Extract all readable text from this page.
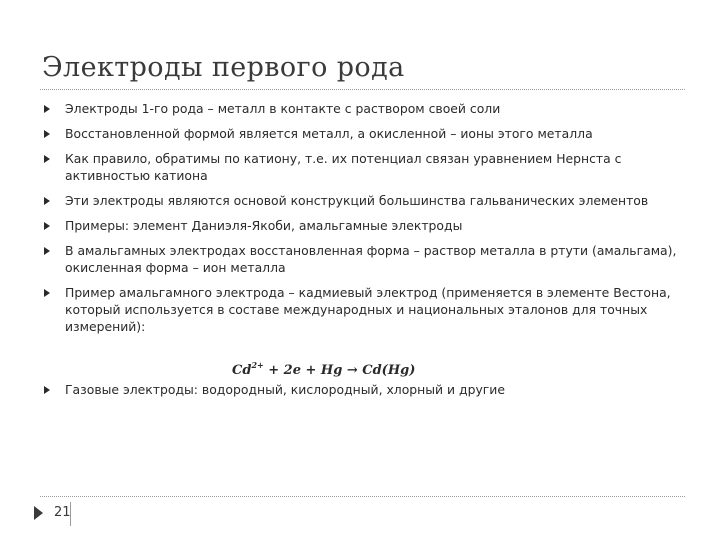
Электроды первого рода
Электроды 1-го рода – металл в контакте с раствором своей соли
Восстановленной формой является металл, а окисленной – ионы этого металла
Как правило, обратимы по катиону, т.е. их потенциал связан уравнением Нернста с активностью катиона
Эти электроды являются основой конструкций большинства гальванических элементов
Примеры: элемент Даниэля-Якоби, амальгамные электроды
В амальгамных электродах восстановленная форма – раствор металла в ртути (амальгама), окисленная форма – ион металла
Пример амальгамного электрода – кадмиевый электрод (применяется в элементе Вестона, который используется в составе международных и национальных эталонов для точных измерений):
Газовые электроды: водородный, кислородный, хлорный и другие
$Cd^{2+} + 2e + Hg \to Cd(Hg)$
21
